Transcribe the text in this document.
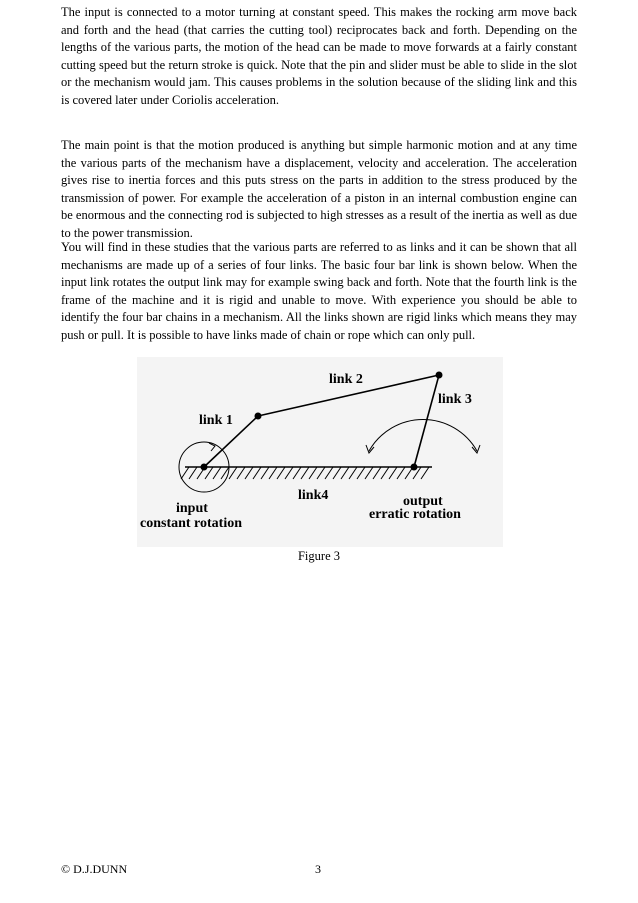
The input is connected to a motor turning at constant speed. This makes the rocking arm move back and forth and the head (that carries the cutting tool) reciprocates back and forth. Depending on the lengths of the various parts, the motion of the head can be made to move forwards at a fairly constant cutting speed but the return stroke is quick. Note that the pin and slider must be able to slide in the slot or the mechanism would jam. This causes problems in the solution because of the sliding link and this is covered later under Coriolis acceleration.

The main point is that the motion produced is anything but simple harmonic motion and at any time the various parts of the mechanism have a displacement, velocity and acceleration. The acceleration gives rise to inertia forces and this puts stress on the parts in addition to the stress produced by the transmission of power. For example the acceleration of a piston in an internal combustion engine can be enormous and the connecting rod is subjected to high stresses as a result of the inertia as well as due to the power transmission.

You will find in these studies that the various parts are referred to as links and it can be shown that all mechanisms are made up of a series of four links. The basic four bar link is shown below. When the input link rotates the output link may for example swing back and forth. Note that the fourth link is the frame of the machine and it is rigid and unable to move. With experience you should be able to identify the four bar chains in a mechanism. All the links shown are rigid links which means they may push or pull. It is possible to have links made of chain or rope which can only pull.

link 1
link 2
link 3
link4
input
constant rotation
output
erratic rotation
Figure 3
© D.J.DUNN	3
